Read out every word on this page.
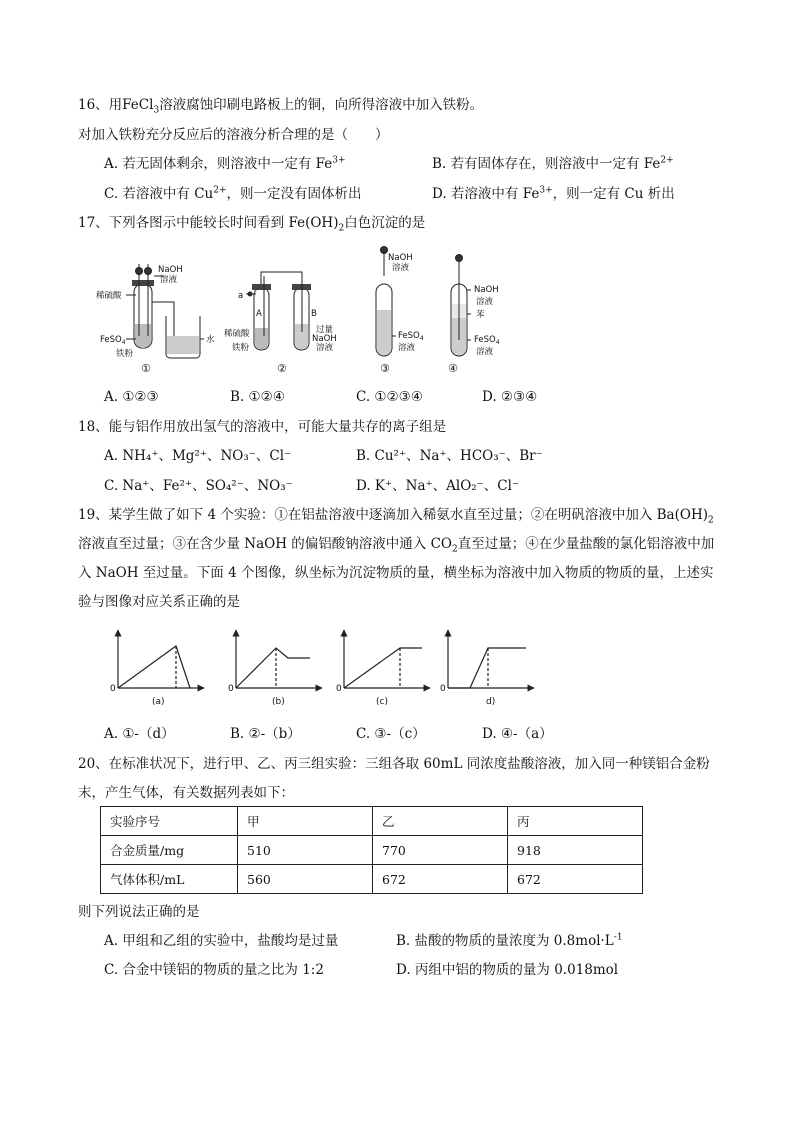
16、用FeCl$_3$溶液腐蚀印刷电路板上的铜，向所得溶液中加入铁粉。
对加入铁粉充分反应后的溶液分析合理的是（　　）
A. 若无固体剩余，则溶液中一定有 $Fe^{3+}$	B. 若有固体存在，则溶液中一定有 $Fe^{2+}$
C. 若溶液中有 $Cu^{2+}$，则一定没有固体析出	D. 若溶液中有 $Fe^{3+}$，则一定有 Cu 析出
17、下列各图示中能较长时间看到 $Fe(OH)_2$白色沉淀的是
稀硫酸
NaOH
溶液
FeSO$_4$
铁粉
水
①
a
A	B
稀硫酸
铁粉
过量
NaOH
溶液
②
NaOH
溶液
FeSO$_4$
溶液
③
NaOH
溶液
苯
FeSO$_4$
溶液
④
A. ①②③	B. ①②④	C. ①②③④	D. ②③④
18、能与铝作用放出氢气的溶液中，可能大量共存的离子组是
A. NH₄⁺、Mg²⁺、NO₃⁻、Cl⁻	B. Cu²⁺、Na⁺、HCO₃⁻、Br⁻
C. Na⁺、Fe²⁺、SO₄²⁻、NO₃⁻	D. K⁺、Na⁺、AlO₂⁻、Cl⁻
19、某学生做了如下 4 个实验：①在铝盐溶液中逐滴加入稀氨水直至过量；②在明矾溶液中加入 $Ba(OH)_2$
溶液直至过量；③在含少量 NaOH 的偏铝酸钠溶液中通入 $CO_2$直至过量；④在少量盐酸的氯化铝溶液中加
入 NaOH 至过量。下面 4 个图像，纵坐标为沉淀物质的量，横坐标为溶液中加入物质的物质的量，上述实
验与图像对应关系正确的是
0	0	0	0
(a)	(b)	(c)	d)
A. ①-（d）	B. ②-（b）	C. ③-（c）	D. ④-（a）
20、在标准状况下，进行甲、乙、丙三组实验：三组各取 60mL 同浓度盐酸溶液，加入同一种镁铝合金粉
末，产生气体，有关数据列表如下：
实验序号	甲	乙	丙
合金质量/mg	510	770	918
气体体积/mL	560	672	672
则下列说法正确的是
A. 甲组和乙组的实验中，盐酸均是过量	B. 盐酸的物质的量浓度为 $0.8mol\cdot L^{-1}$
C. 合金中镁铝的物质的量之比为 1:2	D. 丙组中铝的物质的量为 0.018mol
